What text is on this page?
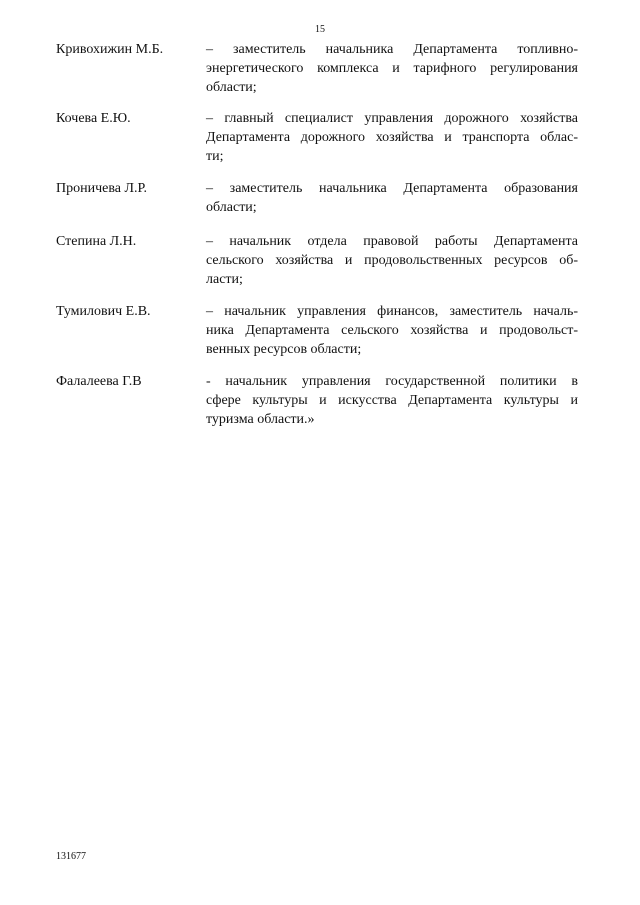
15
Кривохижин М.Б.	– заместитель начальника Департамента топливно-
энергетического комплекса и тарифного регулирования
области;
Кочева Е.Ю.	– главный специалист управления дорожного хозяйства
Департамента дорожного хозяйства и транспорта облас-
ти;
Проничева Л.Р.	– заместитель начальника Департамента образования
области;
Степина Л.Н.	– начальник отдела правовой работы Департамента
сельского хозяйства и продовольственных ресурсов об-
ласти;
Тумилович Е.В.	– начальник управления финансов, заместитель началь-
ника Департамента сельского хозяйства и продовольст-
венных ресурсов области;
Фалалеева Г.В	- начальник управления государственной политики в
сфере культуры и искусства Департамента культуры и
туризма области.»
131677
